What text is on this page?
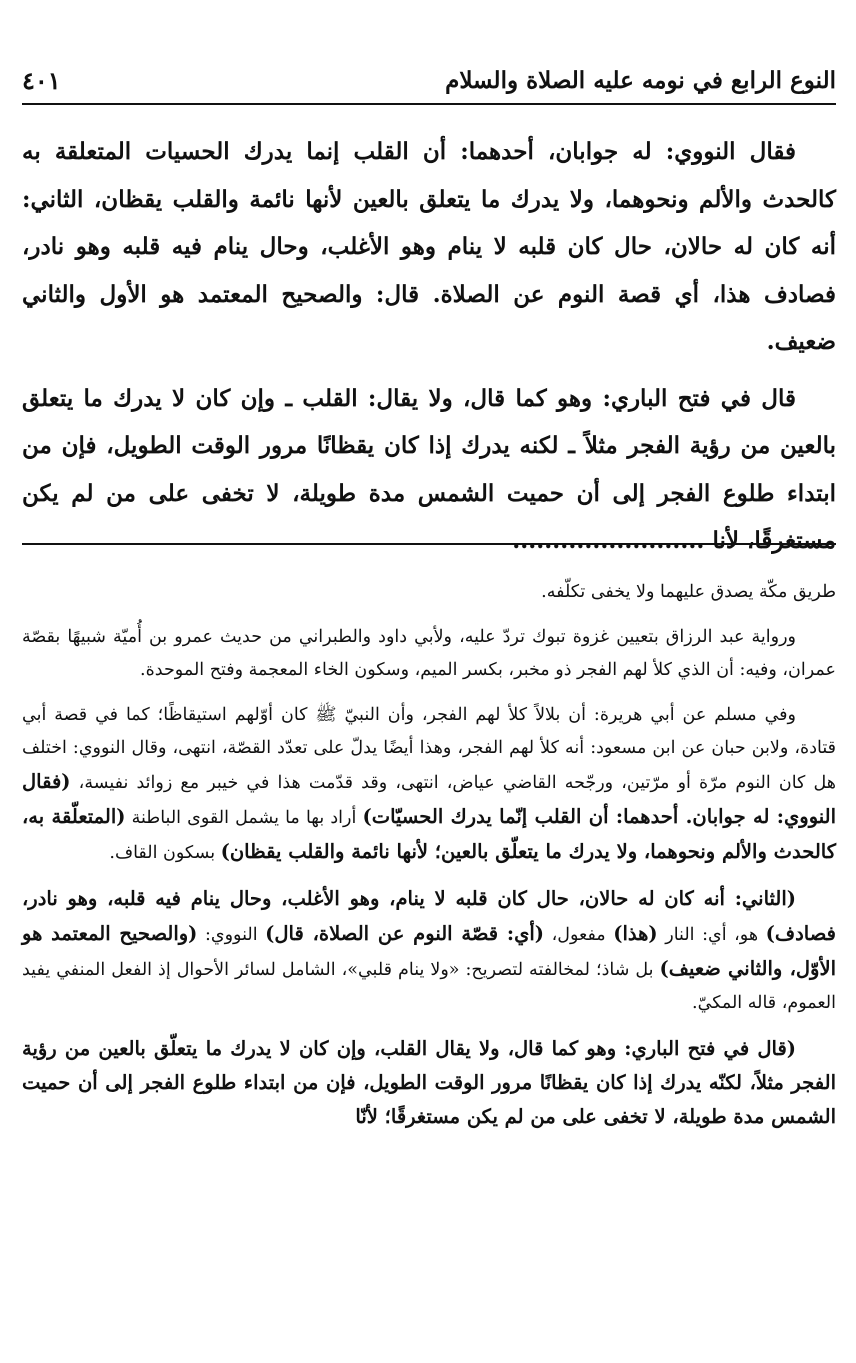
النوع الرابع في نومه عليه الصلاة والسلام
٤٠١

فقال النووي: له جوابان، أحدهما: أن القلب إنما يدرك الحسيات المتعلقة به كالحدث والألم ونحوهما، ولا يدرك ما يتعلق بالعين لأنها نائمة والقلب يقظان، الثاني: أنه كان له حالان، حال كان قلبه لا ينام وهو الأغلب، وحال ينام فيه قلبه وهو نادر، فصادف هذا، أي قصة النوم عن الصلاة. قال: والصحيح المعتمد هو الأول والثاني ضعيف.

قال في فتح الباري: وهو كما قال، ولا يقال: القلب ـ وإن كان لا يدرك ما يتعلق بالعين من رؤية الفجر مثلاً ـ لكنه يدرك إذا كان يقظانًا مرور الوقت الطويل، فإن من ابتداء طلوع الفجر إلى أن حميت الشمس مدة طويلة، لا تخفى على من لم يكن مستغرقًا، لأنا ........................

طريق مكّة يصدق عليهما ولا يخفى تكلّفه.

ورواية عبد الرزاق بتعيين غزوة تبوك تردّ عليه، ولأبي داود والطبراني من حديث عمرو بن أُميّة شبيهًا بقصّة عمران، وفيه: أن الذي كلأ لهم الفجر ذو مخبر، بكسر الميم، وسكون الخاء المعجمة وفتح الموحدة.

وفي مسلم عن أبي هريرة: أن بلالاً كلأ لهم الفجر، وأن النبيّ ﷺ كان أوّلهم استيقاظًا؛ كما في قصة أبي قتادة، ولابن حبان عن ابن مسعود: أنه كلأ لهم الفجر، وهذا أيضًا يدلّ على تعدّد القصّة، انتهى، وقال النووي: اختلف هل كان النوم مرّة أو مرّتين، ورجّحه القاضي عياض، انتهى، وقد قدّمت هذا في خيبر مع زوائد نفيسة، (فقال النووي: له جوابان. أحدهما: أن القلب إنّما يدرك الحسيّات) أراد بها ما يشمل القوى الباطنة (المتعلّقة به، كالحدث والألم ونحوهما، ولا يدرك ما يتعلّق بالعين؛ لأنها نائمة والقلب يقظان) بسكون القاف.

(الثاني: أنه كان له حالان، حال كان قلبه لا ينام، وهو الأغلب، وحال ينام فيه قلبه، وهو نادر، فصادف) هو، أي: النار (هذا) مفعول، (أي: قصّة النوم عن الصلاة، قال) النووي: (والصحيح المعتمد هو الأوّل، والثاني ضعيف) بل شاذ؛ لمخالفته لتصريح: «ولا ينام قلبي»، الشامل لسائر الأحوال إذ الفعل المنفي يفيد العموم، قاله المكيّ.

(قال في فتح الباري: وهو كما قال، ولا يقال القلب، وإن كان لا يدرك ما يتعلّق بالعين من رؤية الفجر مثلاً، لكنّه يدرك إذا كان يقظانًا مرور الوقت الطويل، فإن من ابتداء طلوع الفجر إلى أن حميت الشمس مدة طويلة، لا تخفى على من لم يكن مستغرقًا؛ لأنّا
